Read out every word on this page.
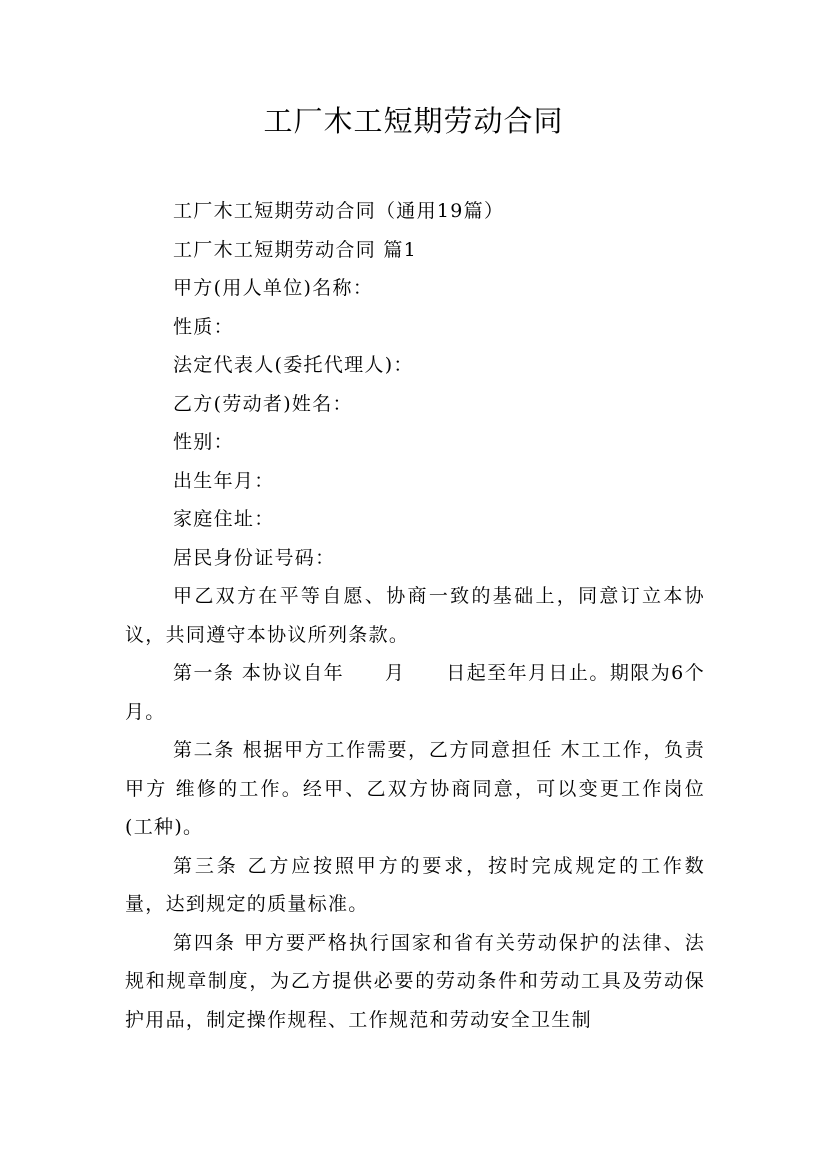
工厂木工短期劳动合同

工厂木工短期劳动合同（通用19篇）

工厂木工短期劳动合同 篇1

甲方(用人单位)名称：

性质：

法定代表人(委托代理人)：

乙方(劳动者)姓名：

性别：

出生年月：

家庭住址：

居民身份证号码：

甲乙双方在平等自愿、协商一致的基础上，同意订立本协议，共同遵守本协议所列条款。

第一条 本协议自年　　月　　日起至年月日止。期限为6个月。

第二条 根据甲方工作需要，乙方同意担任 木工工作，负责甲方 维修的工作。经甲、乙双方协商同意，可以变更工作岗位(工种)。

第三条 乙方应按照甲方的要求，按时完成规定的工作数量，达到规定的质量标准。

第四条 甲方要严格执行国家和省有关劳动保护的法律、法规和规章制度，为乙方提供必要的劳动条件和劳动工具及劳动保护用品，制定操作规程、工作规范和劳动安全卫生制
